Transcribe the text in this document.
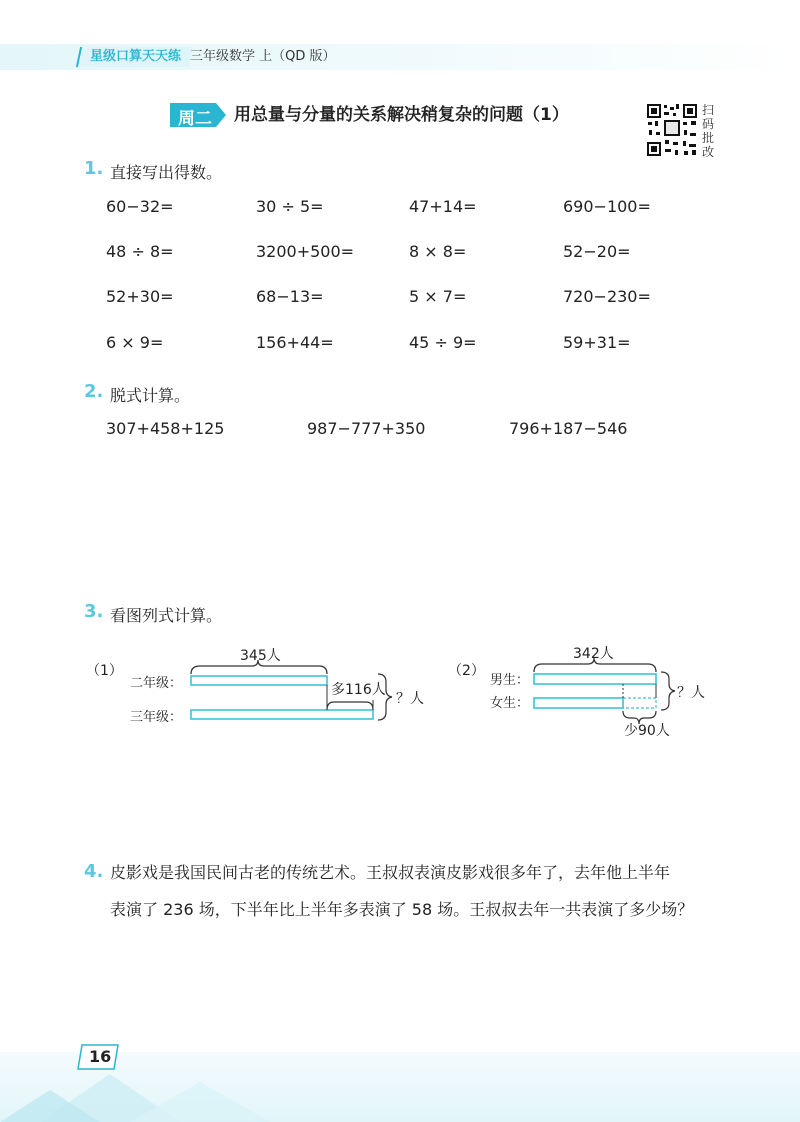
星级口算天天练 三年级数学 上（QD 版）
周二 用总量与分量的关系解决稍复杂的问题（1）	扫
码
批
改
1. 直接写出得数。
60−32=	30 ÷ 5=	47+14=	690−100=
48 ÷ 8=	3200+500=	8 × 8=	52−20=
52+30=	68−13=	5 × 7=	720−230=
6 × 9=	156+44=	45 ÷ 9=	59+31=
2. 脱式计算。
307+458+125	987−777+350	796+187−546
3. 看图列式计算。
（1）
二年级：
三年级：
345人
多116人
？人
（2）
男生：
女生：
342人
少90人
？人
4. 皮影戏是我国民间古老的传统艺术。王叔叔表演皮影戏很多年了，去年他上半年
表演了 236 场，下半年比上半年多表演了 58 场。王叔叔去年一共表演了多少场？
16
